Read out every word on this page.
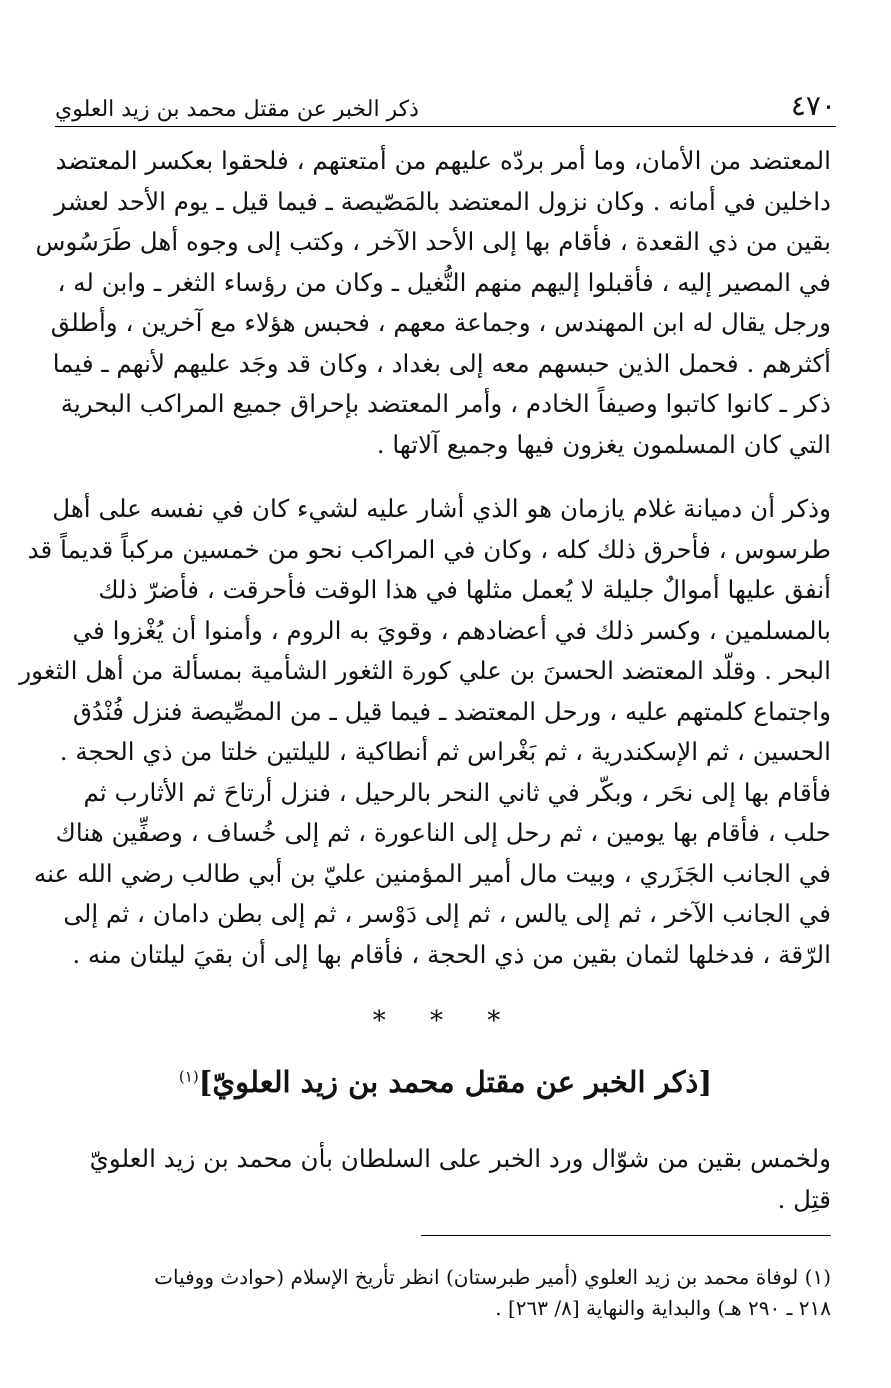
٤٧٠
ذكر الخبر عن مقتل محمد بن زيد العلوي

المعتضد من الأمان، وما أمر بردّه عليهم من أمتعتهم ، فلحقوا بعكسر المعتضد
داخلين في أمانه . وكان نزول المعتضد بالمَصّيصة ـ فيما قيل ـ يوم الأحد لعشر
بقين من ذي القعدة ، فأقام بها إلى الأحد الآخر ، وكتب إلى وجوه أهل طَرَسُوس
في المصير إليه ، فأقبلوا إليهم منهم النُّغيل ـ وكان من رؤساء الثغر ـ وابن له ،
ورجل يقال له ابن المهندس ، وجماعة معهم ، فحبس هؤلاء مع آخرين ، وأطلق
أكثرهم . فحمل الذين حبسهم معه إلى بغداد ، وكان قد وجَد عليهم لأنهم ـ فيما
ذكر ـ كانوا كاتبوا وصيفاً الخادم ، وأمر المعتضد بإحراق جميع المراكب البحرية
التي كان المسلمون يغزون فيها وجميع آلاتها .

وذكر أن دميانة غلام يازمان هو الذي أشار عليه لشيء كان في نفسه على أهل
طرسوس ، فأحرق ذلك كله ، وكان في المراكب نحو من خمسين مركباً قديماً قد
أنفق عليها أموالٌ جليلة لا يُعمل مثلها في هذا الوقت فأحرقت ، فأضرّ ذلك
بالمسلمين ، وكسر ذلك في أعضادهم ، وقويَ به الروم ، وأمنوا أن يُغْزوا في
البحر . وقلّد المعتضد الحسنَ بن علي كورة الثغور الشأمية بمسألة من أهل الثغور
واجتماع كلمتهم عليه ، ورحل المعتضد ـ فيما قيل ـ من المصِّيصة فنزل فُنْدُق
الحسين ، ثم الإسكندرية ، ثم بَغْراس ثم أنطاكية ، لليلتين خلتا من ذي الحجة .
فأقام بها إلى نحَر ، وبكّر في ثاني النحر بالرحيل ، فنزل أرتاحَ ثم الأثارب ثم
حلب ، فأقام بها يومين ، ثم رحل إلى الناعورة ، ثم إلى خُساف ، وصفِّين هناك
في الجانب الجَزَري ، وبيت مال أمير المؤمنين عليّ بن أبي طالب رضي الله عنه
في الجانب الآخر ، ثم إلى يالس ، ثم إلى دَوْسر ، ثم إلى بطن دامان ، ثم إلى
الرّقة ، فدخلها لثمان بقين من ذي الحجة ، فأقام بها إلى أن بقيَ ليلتان منه .

* * *
[ذكر الخبر عن مقتل محمد بن زيد العلويّ]$^{(١)}$

ولخمس بقين من شوّال ورد الخبر على السلطان بأن محمد بن زيد العلويّ
قتِل .

(١) لوفاة محمد بن زيد العلوي (أمير طبرستان) انظر تأريخ الإسلام (حوادث ووفيات
٢١٨ ـ ٢٩٠ هـ) والبداية والنهاية [٨/ ٢٦٣] .
